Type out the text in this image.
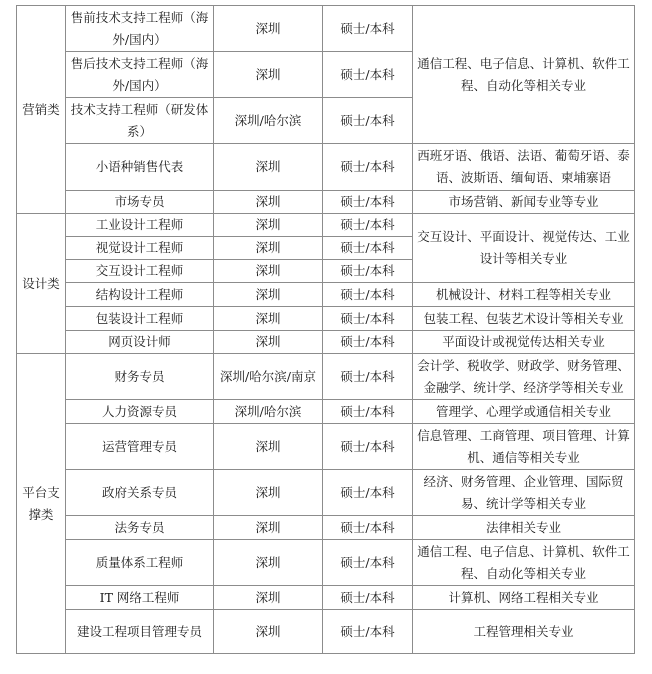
营销类	售前技术支持工程师（海外/国内）	深圳	硕士/本科	通信工程、电子信息、计算机、软件工程、自动化等相关专业
	售后技术支持工程师（海外/国内）	深圳	硕士/本科	
	技术支持工程师（研发体系）	深圳/哈尔滨	硕士/本科	
	小语种销售代表	深圳	硕士/本科	西班牙语、俄语、法语、葡萄牙语、泰语、波斯语、缅甸语、柬埔寨语
	市场专员	深圳	硕士/本科	市场营销、新闻专业等专业
设计类	工业设计工程师	深圳	硕士/本科	交互设计、平面设计、视觉传达、工业设计等相关专业
	视觉设计工程师	深圳	硕士/本科	
	交互设计工程师	深圳	硕士/本科	
	结构设计工程师	深圳	硕士/本科	机械设计、材料工程等相关专业
	包装设计工程师	深圳	硕士/本科	包装工程、包装艺术设计等相关专业
	网页设计师	深圳	硕士/本科	平面设计或视觉传达相关专业
平台支撑类	财务专员	深圳/哈尔滨/南京	硕士/本科	会计学、税收学、财政学、财务管理、金融学、统计学、经济学等相关专业
	人力资源专员	深圳/哈尔滨	硕士/本科	管理学、心理学或通信相关专业
	运营管理专员	深圳	硕士/本科	信息管理、工商管理、项目管理、计算机、通信等相关专业
	政府关系专员	深圳	硕士/本科	经济、财务管理、企业管理、国际贸易、统计学等相关专业
	法务专员	深圳	硕士/本科	法律相关专业
	质量体系工程师	深圳	硕士/本科	通信工程、电子信息、计算机、软件工程、自动化等相关专业
	IT 网络工程师	深圳	硕士/本科	计算机、网络工程相关专业
	建设工程项目管理专员	深圳	硕士/本科	工程管理相关专业
